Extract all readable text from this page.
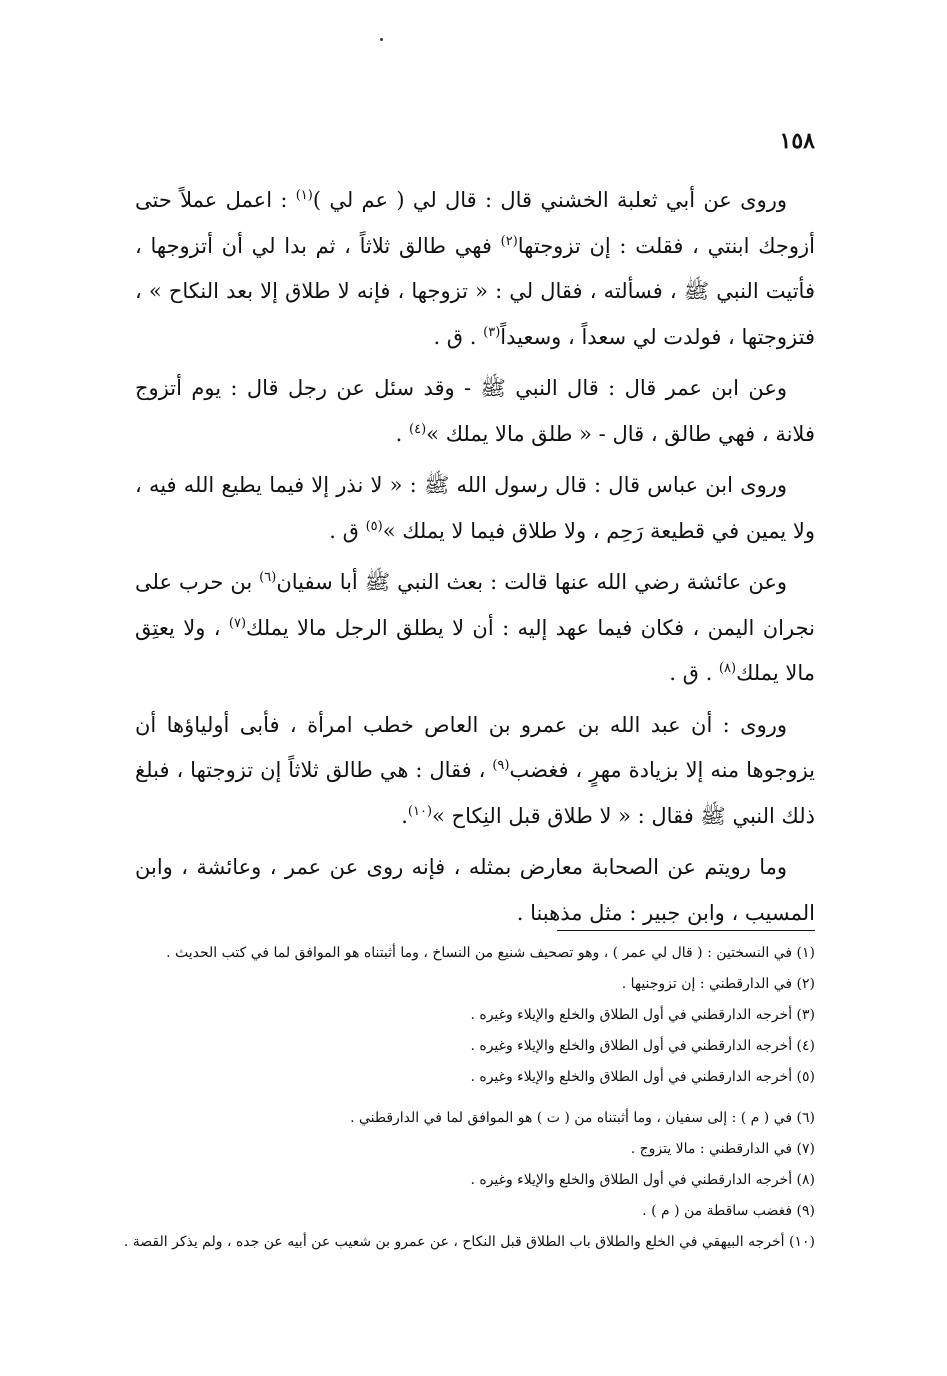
١٥٨

وروى عن أبي ثعلبة الخشني قال : قال لي ( عم لي )$^{(١)}$ : اعمل عملاً حتى أزوجك ابنتي ، فقلت : إن تزوجتها$^{(٢)}$ فهي طالق ثلاثاً ، ثم بدا لي أن أتزوجها ، فأتيت النبي ﷺ ، فسألته ، فقال لي : « تزوجها ، فإنه لا طلاق إلا بعد النكاح » ، فتزوجتها ، فولدت لي سعداً ، وسعيداً$^{(٣)}$ . ق .

وعن ابن عمر قال : قال النبي ﷺ - وقد سئل عن رجل قال : يوم أتزوج فلانة ، فهي طالق ، قال - « طلق مالا يملك »$^{(٤)}$ .

وروى ابن عباس قال : قال رسول الله ﷺ : « لا نذر إلا فيما يطيع الله فيه ، ولا يمين في قطيعة رَحِم ، ولا طلاق فيما لا يملك »$^{(٥)}$ ق .

وعن عائشة رضي الله عنها قالت : بعث النبي ﷺ أبا سفيان$^{(٦)}$ بن حرب على نجران اليمن ، فكان فيما عهد إليه : أن لا يطلق الرجل مالا يملك$^{(٧)}$ ، ولا يعتِق مالا يملك$^{(٨)}$ . ق .

وروى : أن عبد الله بن عمرو بن العاص خطب امرأة ، فأبى أولياؤها أن يزوجوها منه إلا بزيادة مهرٍ ، فغضب$^{(٩)}$ ، فقال : هي طالق ثلاثاً إن تزوجتها ، فبلغ ذلك النبي ﷺ فقال : « لا طلاق قبل النِكاح »$^{(١٠)}$.

وما رويتم عن الصحابة معارض بمثله ، فإنه روى عن عمر ، وعائشة ، وابن المسيب ، وابن جبير : مثل مذهبنا .

(١) في النسختين : ( قال لي عمر ) ، وهو تصحيف شنيع من النساخ ، وما أثبتناه هو الموافق لما في كتب الحديث .
(٢) في الدارقطني : إن تزوجنيها .
(٣) أخرجه الدارقطني في أول الطلاق والخلع والإيلاء وغيره .
(٤) أخرجه الدارقطني في أول الطلاق والخلع والإيلاء وغيره .
(٥) أخرجه الدارقطني في أول الطلاق والخلع والإيلاء وغيره .
(٦) في ( م ) : إلى سفيان ، وما أثبتناه من ( ت ) هو الموافق لما في الدارقطني .
(٧) في الدارقطني : مالا يتزوج .
(٨) أخرجه الدارقطني في أول الطلاق والخلع والإيلاء وغيره .
(٩) فغضب ساقطة من ( م ) .
(١٠) أخرجه البيهقي في الخلع والطلاق باب الطلاق قبل النكاح ، عن عمرو بن شعيب عن أبيه عن جده ، ولم يذكر القصة .
